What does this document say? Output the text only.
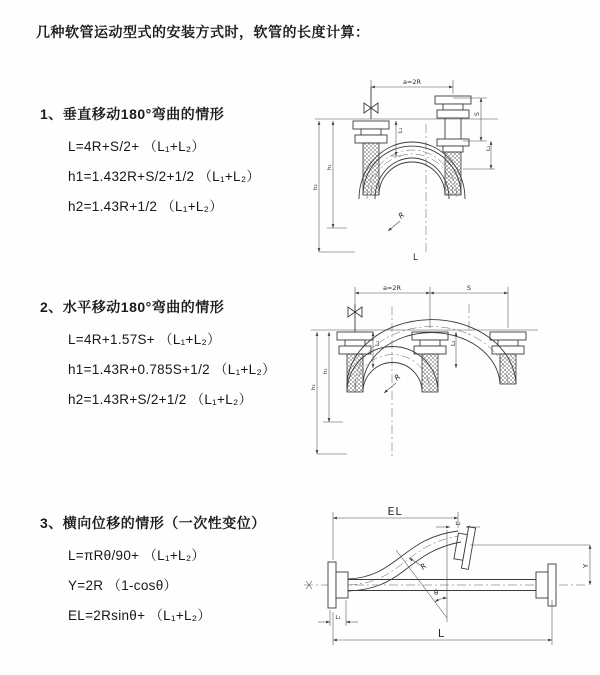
几种软管运动型式的安装方式时，软管的长度计算：
1、垂直移动180°弯曲的情形
L=4R+S/2+ （L₁+L₂）
h1=1.432R+S/2+1/2 （L₁+L₂）
h2=1.43R+1/2 （L₁+L₂）
2、水平移动180°弯曲的情形
L=4R+1.57S+ （L₁+L₂）
h1=1.43R+0.785S+1/2 （L₁+L₂）
h2=1.43R+S/2+1/2 （L₁+L₂）
3、横向位移的情形（一次性变位）
L=πRθ/90+ （L₁+L₂）
Y=2R （1-cosθ）
EL=2Rsinθ+ （L₁+L₂）
a=2R
S
L₂
L₁
h₁
h₂
R
L
a=2R	S
L₁	L₂
h₁
h₂
R
EL
L₂
θ
R	Y
L₁
L
